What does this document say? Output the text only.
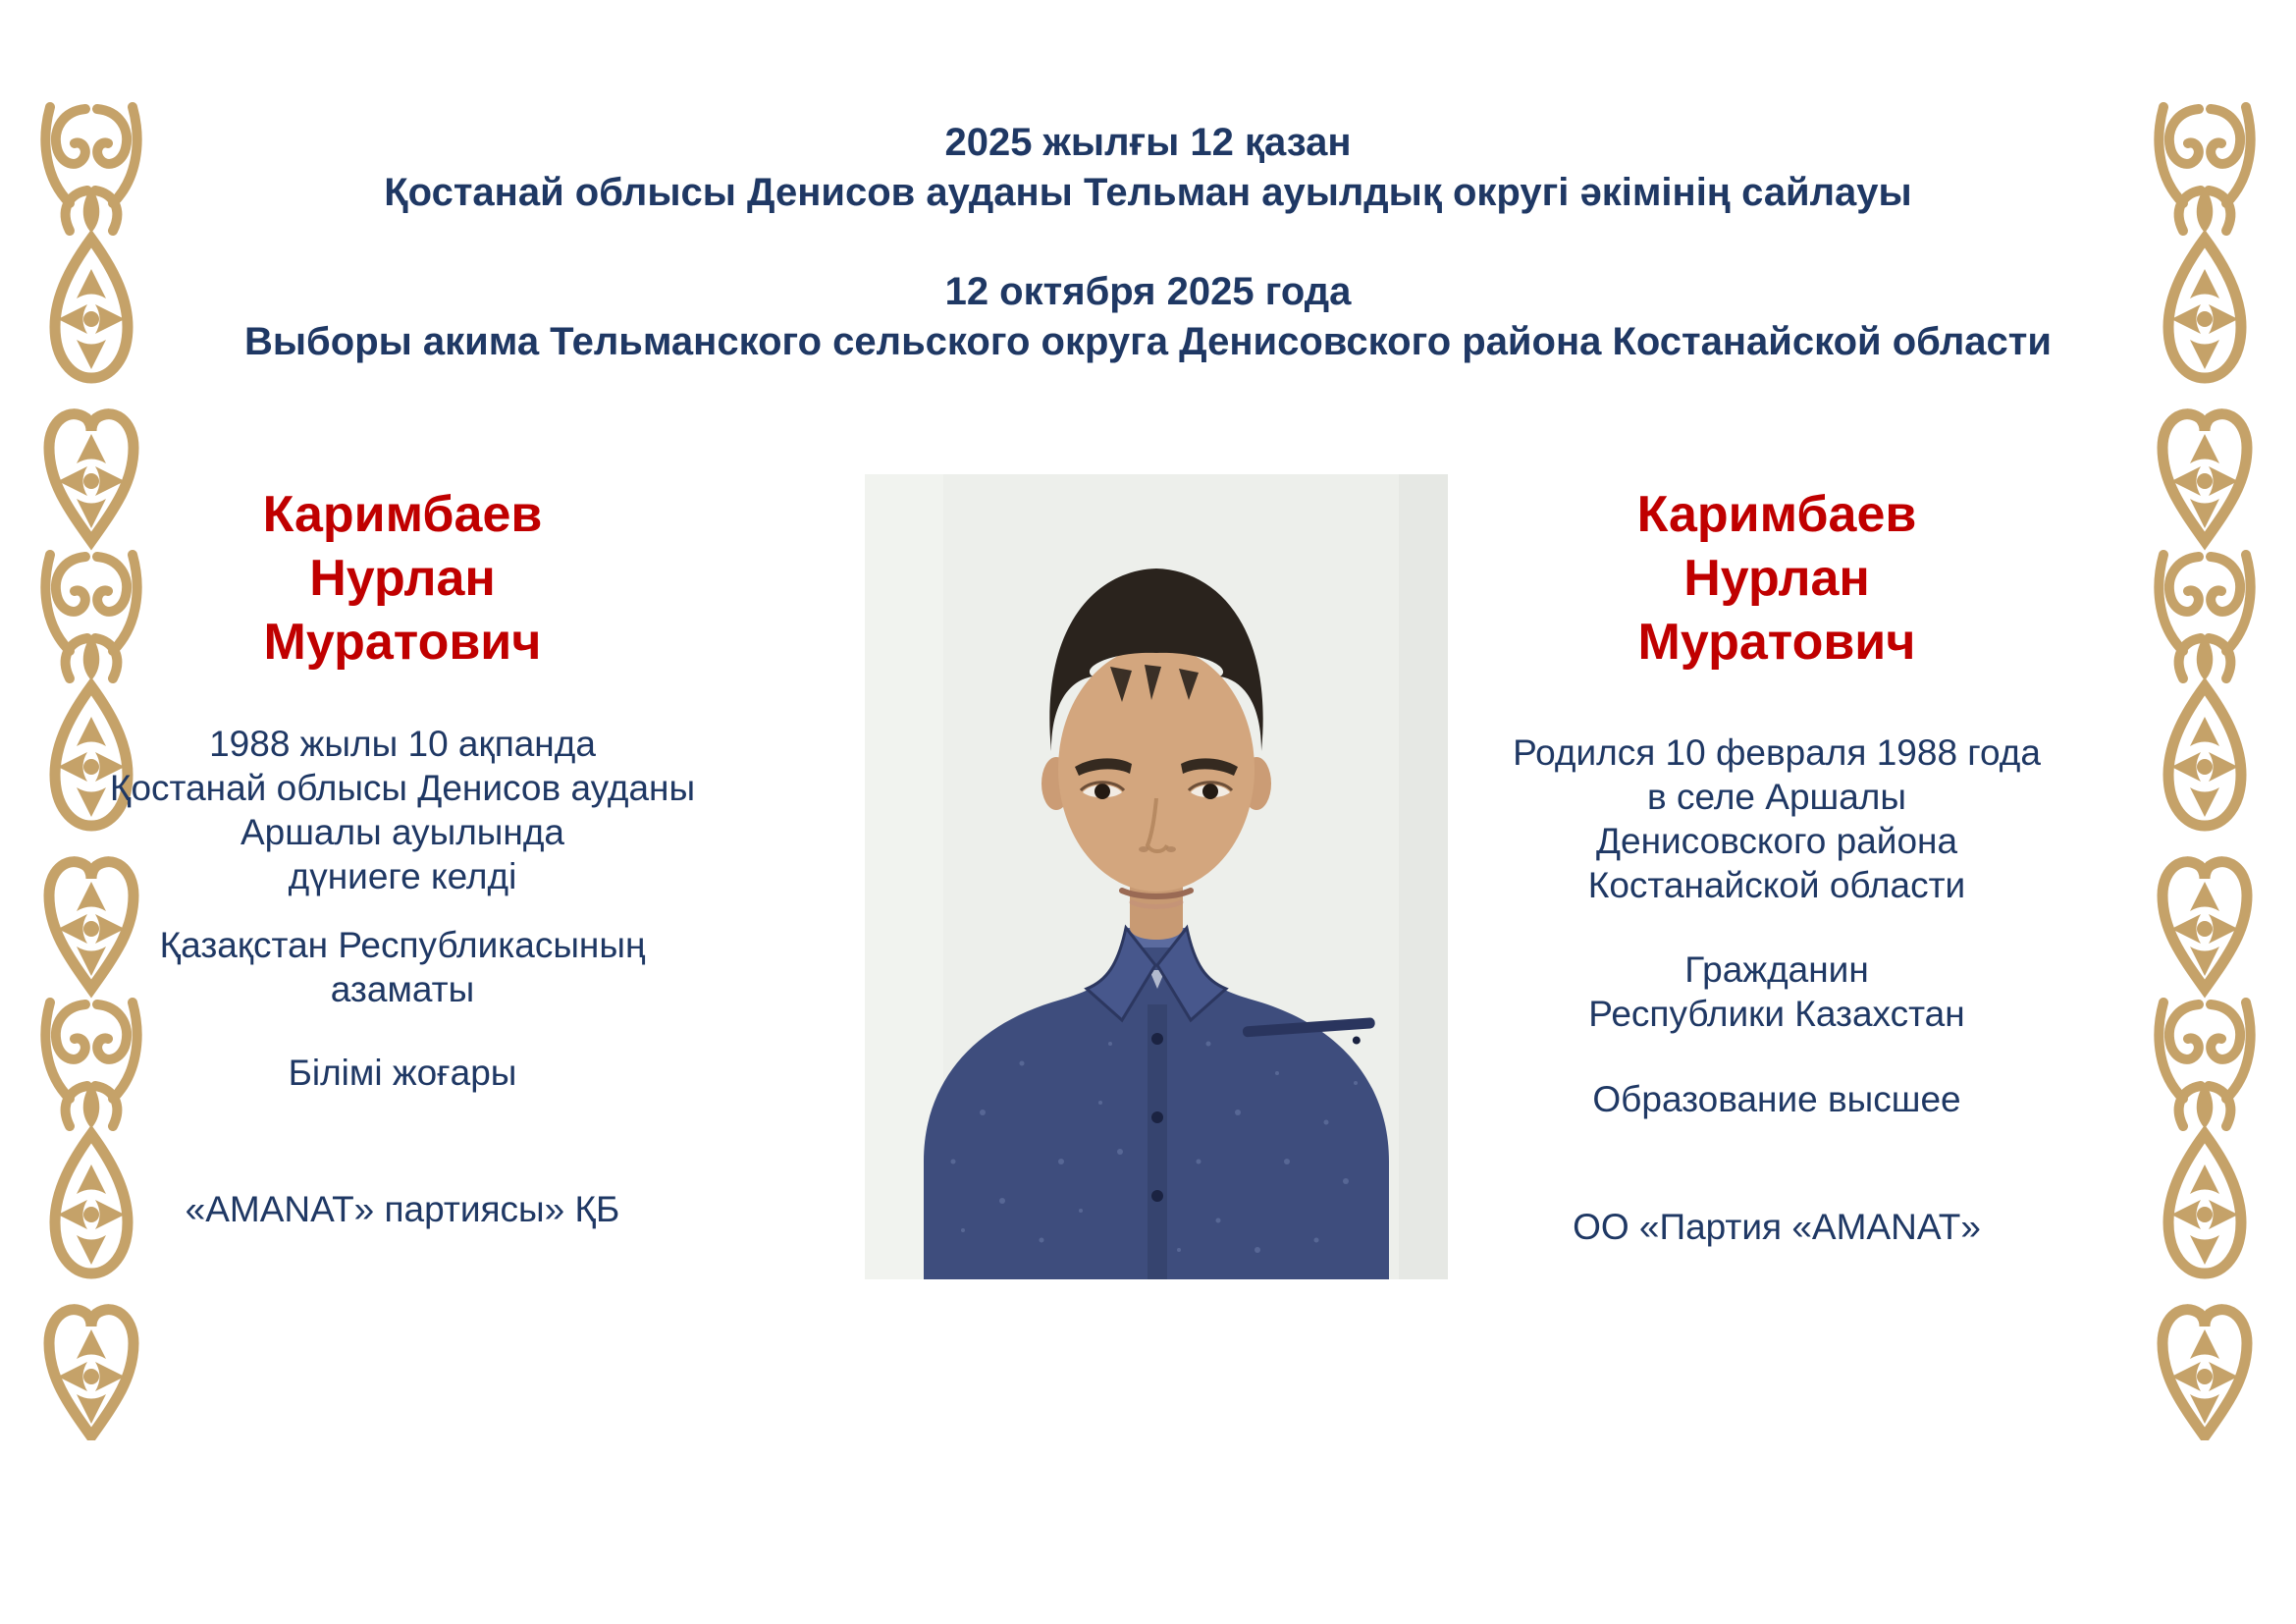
2025 жылғы 12 қазан
Қостанай облысы Денисов ауданы Тельман ауылдық округі әкімінің сайлауы
12 октября 2025 года
Выборы акима Тельманского сельского округа Денисовского района Костанайской области
Каримбаев
Нурлан
Муратович
1988 жылы 10 ақпанда
Қостанай облысы Денисов ауданы
Аршалы ауылында
дүниеге келді
Қазақстан Республикасының
азаматы
Білімі жоғары
«AMANAT» партиясы» ҚБ
Каримбаев
Нурлан
Муратович
Родился 10 февраля 1988 года
в селе Аршалы
Денисовского района
Костанайской области
Гражданин
Республики Казахстан
Образование высшее
ОО «Партия «AMANAT»
